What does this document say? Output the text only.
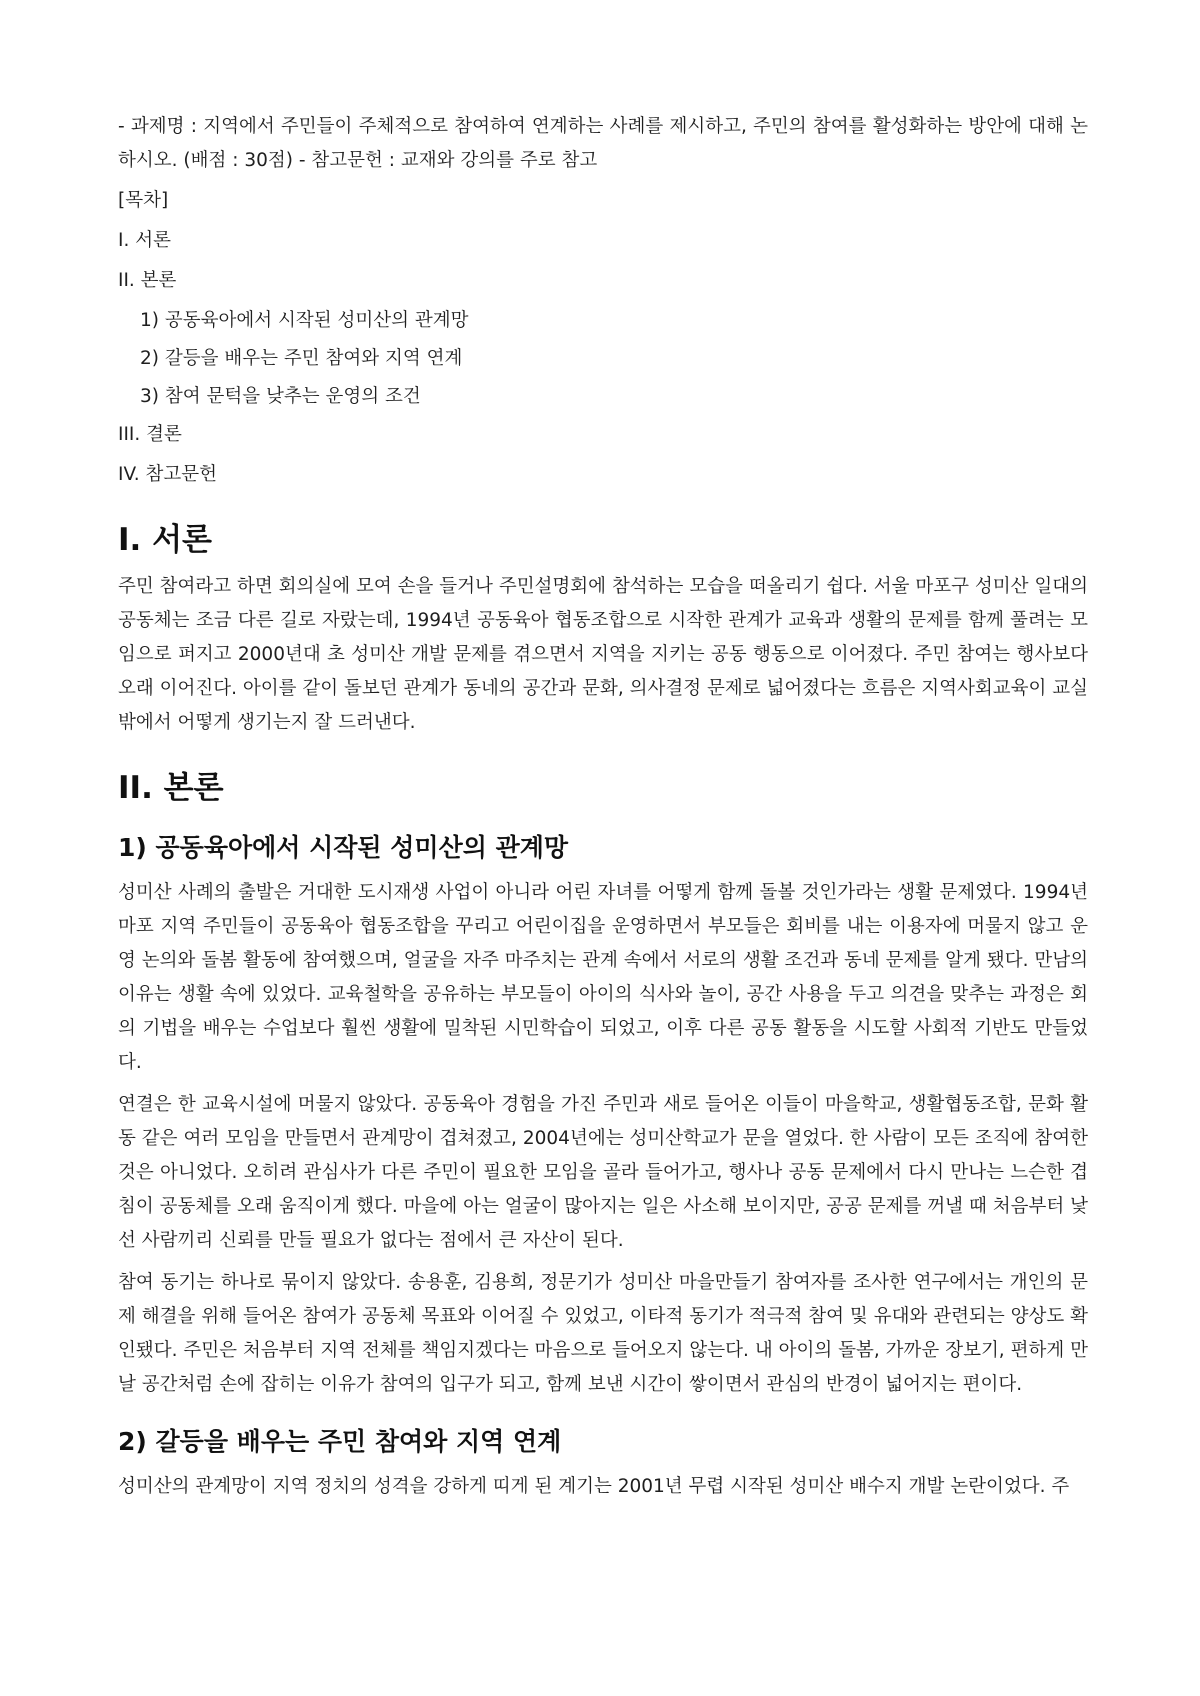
- 과제명 : 지역에서 주민들이 주체적으로 참여하여 연계하는 사례를 제시하고, 주민의 참여를 활성화하는 방안에 대해 논하시오. (배점 : 30점) - 참고문헌 : 교재와 강의를 주로 참고

[목차]
I. 서론
II. 본론
1) 공동육아에서 시작된 성미산의 관계망
2) 갈등을 배우는 주민 참여와 지역 연계
3) 참여 문턱을 낮추는 운영의 조건
III. 결론
IV. 참고문헌
I. 서론

주민 참여라고 하면 회의실에 모여 손을 들거나 주민설명회에 참석하는 모습을 떠올리기 쉽다. 서울 마포구 성미산 일대의 공동체는 조금 다른 길로 자랐는데, 1994년 공동육아 협동조합으로 시작한 관계가 교육과 생활의 문제를 함께 풀려는 모임으로 퍼지고 2000년대 초 성미산 개발 문제를 겪으면서 지역을 지키는 공동 행동으로 이어졌다. 주민 참여는 행사보다 오래 이어진다. 아이를 같이 돌보던 관계가 동네의 공간과 문화, 의사결정 문제로 넓어졌다는 흐름은 지역사회교육이 교실 밖에서 어떻게 생기는지 잘 드러낸다.

II. 본론
1) 공동육아에서 시작된 성미산의 관계망

성미산 사례의 출발은 거대한 도시재생 사업이 아니라 어린 자녀를 어떻게 함께 돌볼 것인가라는 생활 문제였다. 1994년 마포 지역 주민들이 공동육아 협동조합을 꾸리고 어린이집을 운영하면서 부모들은 회비를 내는 이용자에 머물지 않고 운영 논의와 돌봄 활동에 참여했으며, 얼굴을 자주 마주치는 관계 속에서 서로의 생활 조건과 동네 문제를 알게 됐다. 만남의 이유는 생활 속에 있었다. 교육철학을 공유하는 부모들이 아이의 식사와 놀이, 공간 사용을 두고 의견을 맞추는 과정은 회의 기법을 배우는 수업보다 훨씬 생활에 밀착된 시민학습이 되었고, 이후 다른 공동 활동을 시도할 사회적 기반도 만들었다.

연결은 한 교육시설에 머물지 않았다. 공동육아 경험을 가진 주민과 새로 들어온 이들이 마을학교, 생활협동조합, 문화 활동 같은 여러 모임을 만들면서 관계망이 겹쳐졌고, 2004년에는 성미산학교가 문을 열었다. 한 사람이 모든 조직에 참여한 것은 아니었다. 오히려 관심사가 다른 주민이 필요한 모임을 골라 들어가고, 행사나 공동 문제에서 다시 만나는 느슨한 겹침이 공동체를 오래 움직이게 했다. 마을에 아는 얼굴이 많아지는 일은 사소해 보이지만, 공공 문제를 꺼낼 때 처음부터 낯선 사람끼리 신뢰를 만들 필요가 없다는 점에서 큰 자산이 된다.

참여 동기는 하나로 묶이지 않았다. 송용훈, 김용희, 정문기가 성미산 마을만들기 참여자를 조사한 연구에서는 개인의 문제 해결을 위해 들어온 참여가 공동체 목표와 이어질 수 있었고, 이타적 동기가 적극적 참여 및 유대와 관련되는 양상도 확인됐다. 주민은 처음부터 지역 전체를 책임지겠다는 마음으로 들어오지 않는다. 내 아이의 돌봄, 가까운 장보기, 편하게 만날 공간처럼 손에 잡히는 이유가 참여의 입구가 되고, 함께 보낸 시간이 쌓이면서 관심의 반경이 넓어지는 편이다.

2) 갈등을 배우는 주민 참여와 지역 연계

성미산의 관계망이 지역 정치의 성격을 강하게 띠게 된 계기는 2001년 무렵 시작된 성미산 배수지 개발 논란이었다. 주
